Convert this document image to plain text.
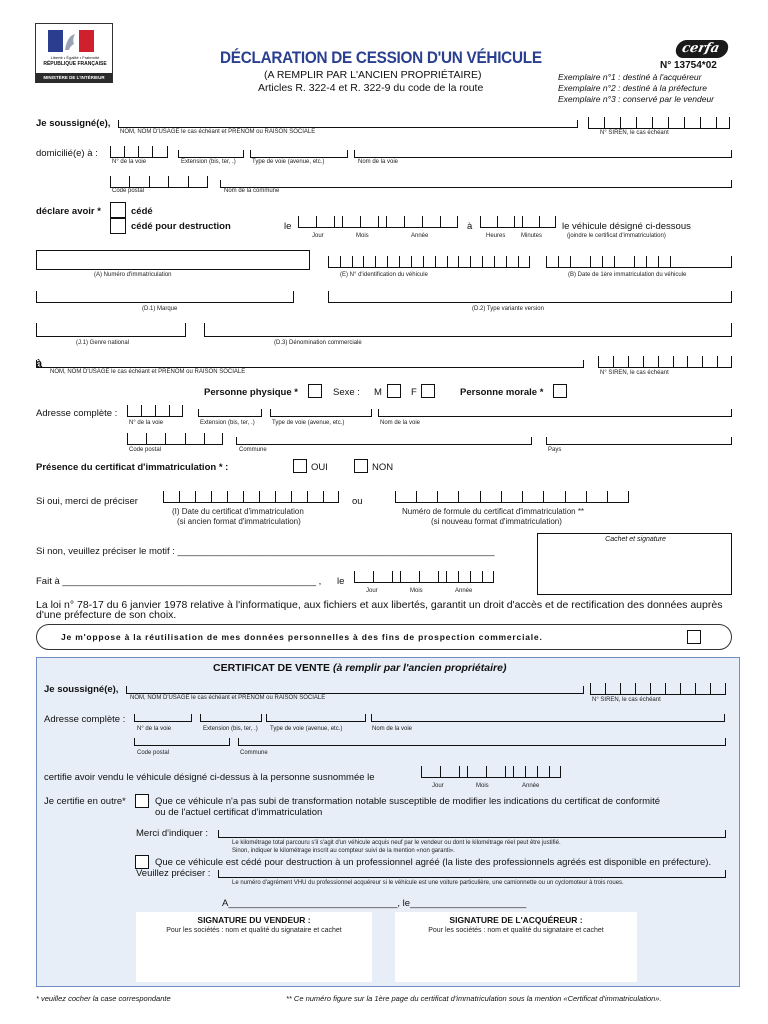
Liberté • Égalité • Fraternité
RÉPUBLIQUE FRANÇAISE
MINISTÈRE DE L'INTÉRIEUR
DÉCLARATION DE CESSION D'UN VÉHICULE
(A REMPLIR PAR L'ANCIEN PROPRIÉTAIRE)
Articles R. 322-4 et R. 322-9 du code de la route
cerfa
N° 13754*02
Exemplaire n°1 : destiné à l'acquéreur
Exemplaire n°2 : destiné à la préfecture
Exemplaire n°3 : conservé par le vendeur
Je soussigné(e),
NOM, NOM D'USAGE le cas échéant et PRÉNOM ou RAISON SOCIALE	N° SIREN, le cas échéant
domicilié(e) à :
N° de la voie	Extension (bis, ter, .)	Type de voie (avenue, etc.)	Nom de la voie
Code postal	Nom de la commune
déclare avoir *	cédé
cédé pour destruction	le
Jour	Mois	Année
à
Heures	Minutes
le véhicule désigné ci-dessous
(joindre le certificat d'immatriculation)
(A) Numéro d'immatriculation	(E) N° d'identification du véhicule	(B) Date de 1ère immatriculation du véhicule
(D.1) Marque	(D.2) Type variante version
(J.1) Genre national	(D.3) Dénomination commerciale
à
NOM, NOM D'USAGE le cas échéant et PRÉNOM ou RAISON SOCIALE	N° SIREN, le cas échéant
Personne physique *	Sexe : M	F	Personne morale *
Adresse complète :
N° de la voie	Extension (bis, ter, .)	Type de voie (avenue, etc.)	Nom de la voie
Code postal	Commune	Pays
Présence du certificat d'immatriculation * :	OUI	NON
Si oui, merci de préciser
(I) Date du certificat d'immatriculation
(si ancien format d'immatriculation)
ou
Numéro de formule du certificat d'immatriculation **
(si nouveau format d'immatriculation)
Si non, veuillez préciser le motif : ____________________________________________________________
Cachet et signature
Fait à ________________________________________________ , le
Jour	Mois	Année
La loi n° 78-17 du 6 janvier 1978 relative à l'informatique, aux fichiers et aux libertés, garantit un droit d'accès et de rectification des données auprès d'une préfecture de son choix.
Je m'oppose à la réutilisation de mes données personnelles à des fins de prospection commerciale.
CERTIFICAT DE VENTE (à remplir par l'ancien propriétaire)
Je soussigné(e),
NOM, NOM D'USAGE le cas échéant et PRÉNOM ou RAISON SOCIALE	N° SIREN, le cas échéant
Adresse complète :
N° de la voie	Extension (bis, ter, .) Type de voie (avenue, etc.)	Nom de la voie
Code postal	Commune
certifie avoir vendu le véhicule désigné ci-dessus à la personne susnommée le
Jour	Mois	Année
Je certifie en outre*	Que ce véhicule n'a pas subi de transformation notable susceptible de modifier les indications du certificat de conformité
ou de l'actuel certificat d'immatriculation
Merci d'indiquer :
Le kilométrage total parcouru s'il s'agit d'un véhicule acquis neuf par le vendeur ou dont le kilométrage réel peut être justifié.
Sinon, indiquer le kilométrage inscrit au compteur suivi de la mention «non garanti».
Que ce véhicule est cédé pour destruction à un professionnel agréé (la liste des professionnels agréés est disponible en préfecture).
Veuillez préciser :
Le numéro d'agrément VHU du professionnel acquéreur si le véhicule est une voiture particulière, une camionnette ou un cyclomoteur à trois roues.
A________________________________, le______________________
SIGNATURE DU VENDEUR :
Pour les sociétés : nom et qualité du signataire et cachet
SIGNATURE DE L'ACQUÉREUR :
Pour les sociétés : nom et qualité du signataire et cachet
* veuillez cocher la case correspondante	** Ce numéro figure sur la 1ère page du certificat d'immatriculation sous la mention «Certificat d'immatriculation».
